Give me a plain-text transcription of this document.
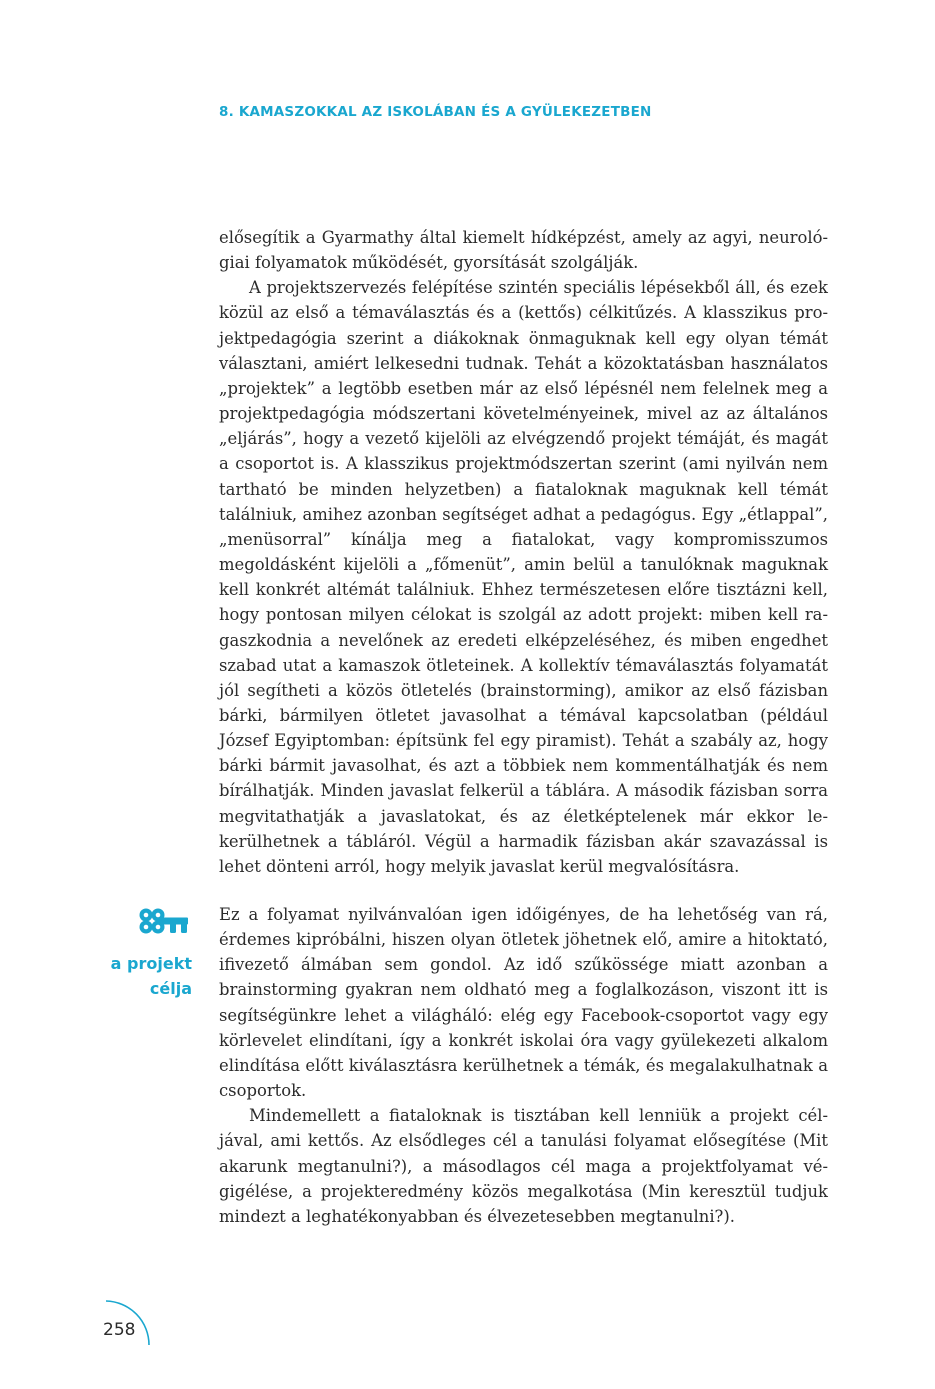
8. KAMASZOKKAL AZ ISKOLÁBAN ÉS A GYÜLEKEZETBEN

elősegítik a Gyarmathy által kiemelt hídképzést, amely az agyi, neurológiai folyamatok működését, gyorsítását szolgálják.

A projektszervezés felépítése szintén speciális lépésekből áll, és ezek közül az első a témaválasztás és a (kettős) célkitűzés. A klasszikus projektpedagógia szerint a diákoknak önmaguknak kell egy olyan témát választani, amiért lelkesedni tudnak. Tehát a közoktatásban használatos „projektek” a legtöbb esetben már az első lépésnél nem felelnek meg a projektpedagógia módszertani követelményeinek, mivel az az általános „eljárás”, hogy a vezető kijelöli az elvégzendő projekt témáját, és magát a csoportot is. A klasszikus projektmódszertan szerint (ami nyilván nem tartható be minden helyzetben) a fiataloknak maguknak kell témát találniuk, amihez azonban segítséget adhat a pedagógus. Egy „étlappal”, „menüsorral” kínálja meg a fiatalokat, vagy kompromisszumos megoldásként kijelöli a „főmenüt”, amin belül a tanulóknak maguknak kell konkrét altémát találniuk. Ehhez természetesen előre tisztázni kell, hogy pontosan milyen célokat is szolgál az adott projekt: miben kell ragaszkodnia a nevelőnek az eredeti elképzeléséhez, és miben engedhet szabad utat a kamaszok ötleteinek. A kollektív témaválasztás folyamatát jól segítheti a közös ötletelés (brainstorming), amikor az első fázisban bárki, bármilyen ötletet javasolhat a témával kapcsolatban (például József Egyiptomban: építsünk fel egy piramist). Tehát a szabály az, hogy bárki bármit javasolhat, és azt a többiek nem kommentálhatják és nem bírálhatják. Minden javaslat felkerül a táblára. A második fázisban sorra megvitathatják a javaslatokat, és az életképtelenek már ekkor lekerülhetnek a tábláról. Végül a harmadik fázisban akár szavazással is lehet dönteni arról, hogy melyik javaslat kerül megvalósításra.

a projekt
célja

Ez a folyamat nyilvánvalóan igen időigényes, de ha lehetőség van rá, érdemes kipróbálni, hiszen olyan ötletek jöhetnek elő, amire a hitoktató, ifivezető álmában sem gondol. Az idő szűkössége miatt azonban a brainstorming gyakran nem oldható meg a foglalkozáson, viszont itt is segítségünkre lehet a világháló: elég egy Facebook-csoportot vagy egy körlevelet elindítani, így a konkrét iskolai óra vagy gyülekezeti alkalom elindítása előtt kiválasztásra kerülhetnek a témák, és megalakulhatnak a csoportok.

Mindemellett a fiataloknak is tisztában kell lenniük a projekt céljával, ami kettős. Az elsődleges cél a tanulási folyamat elősegítése (Mit akarunk megtanulni?), a másodlagos cél maga a projektfolyamat végigélése, a projekteredmény közös megalkotása (Min keresztül tudjuk mindezt a leghatékonyabban és élvezetesebben megtanulni?).

258
